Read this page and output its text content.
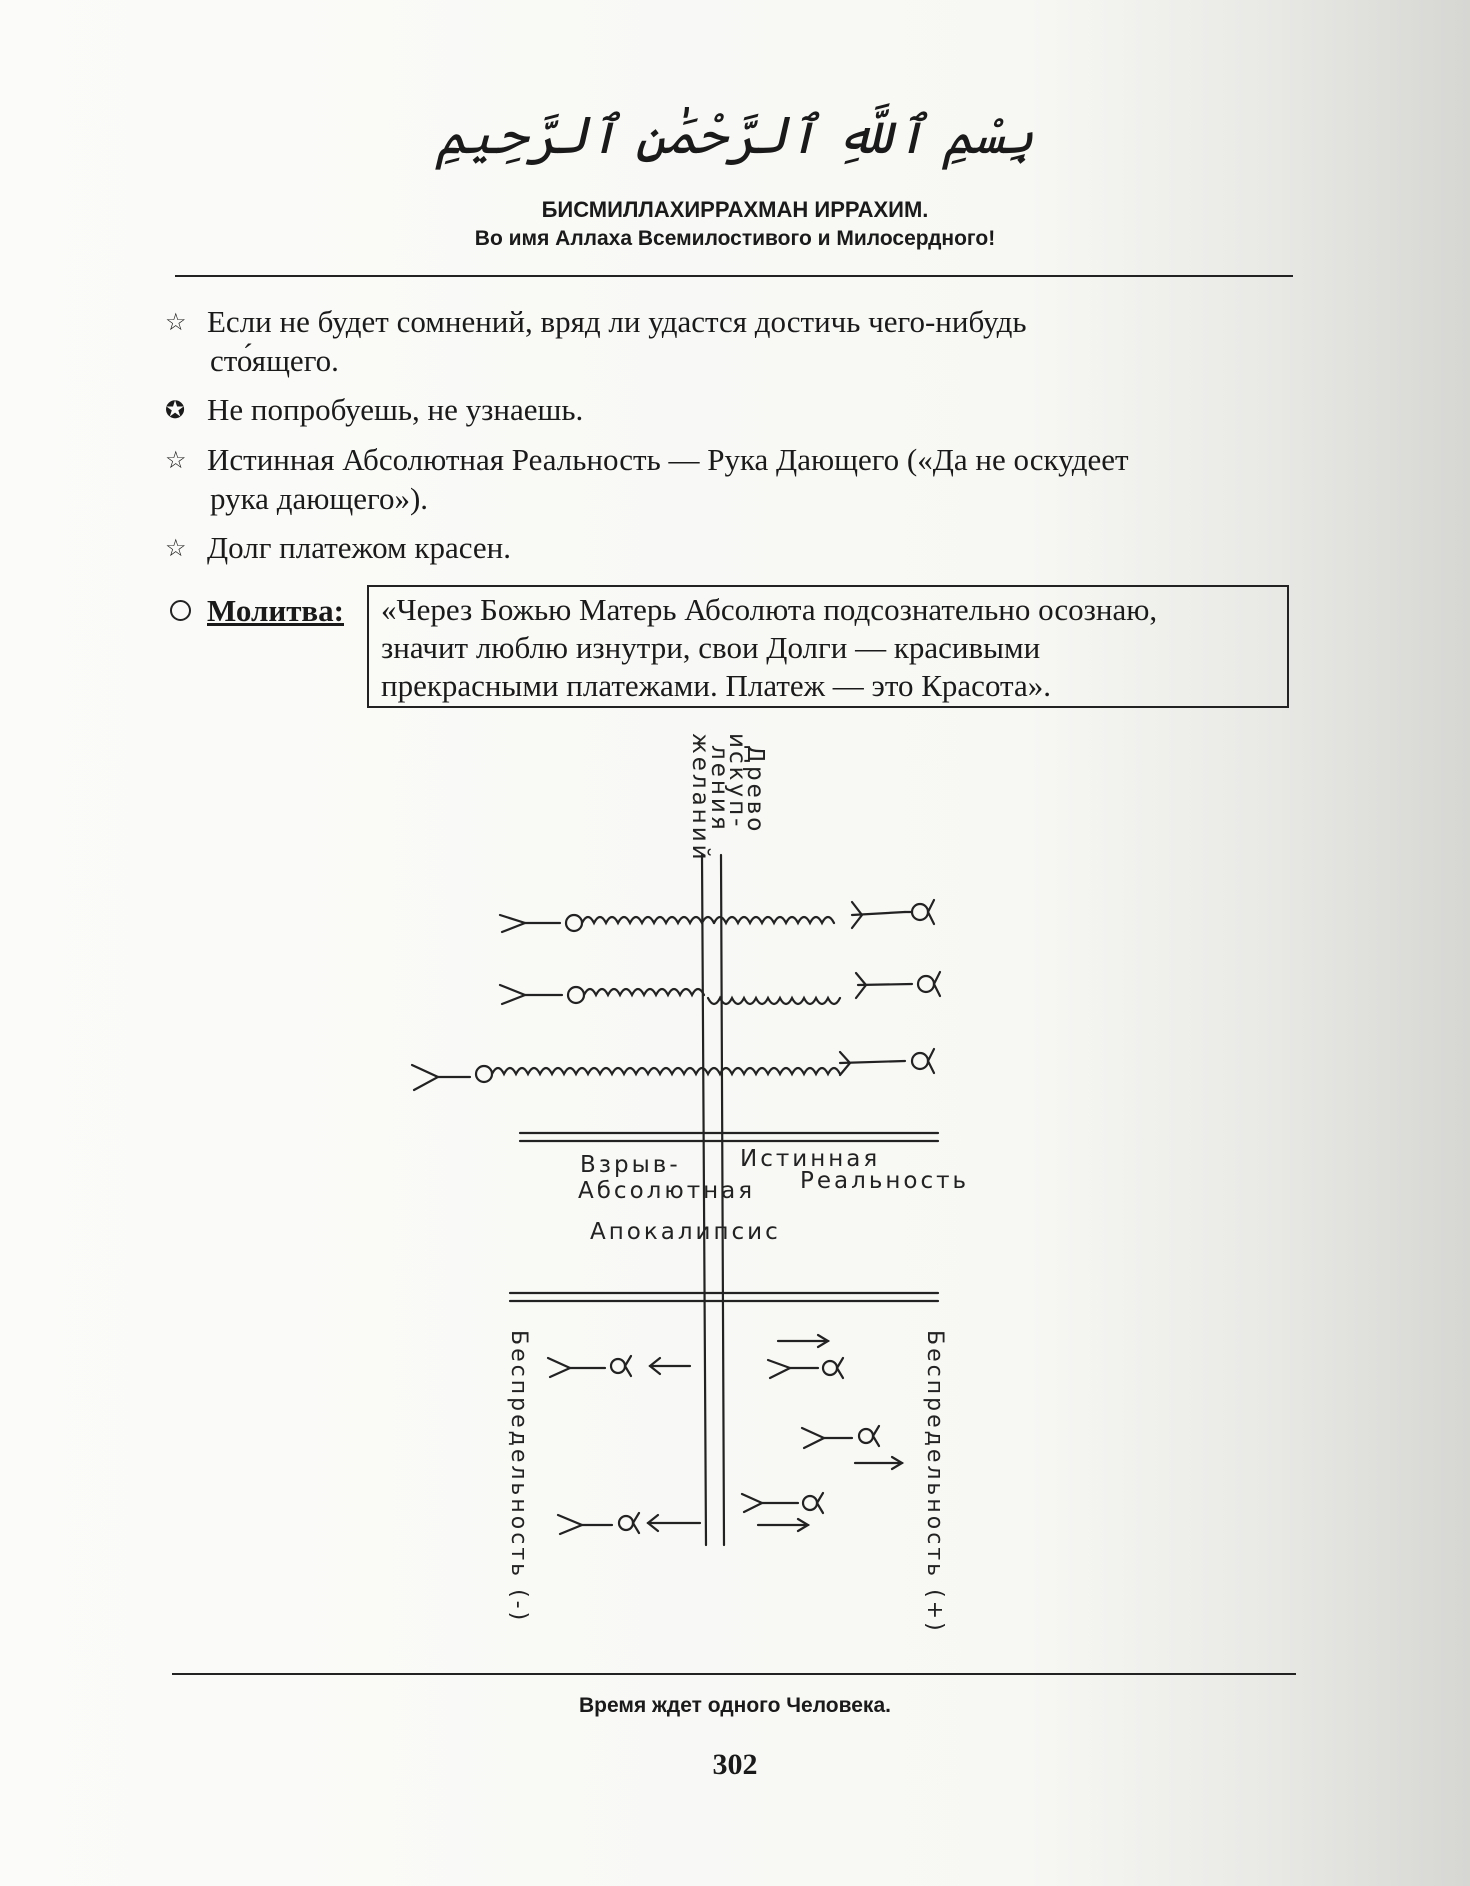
بِسْمِ ٱللَّهِ ٱلرَّحْمَٰنِ ٱلرَّحِيمِ
БИСМИЛЛАХИРРАХМАН ИРРАХИМ.
Во имя Аллаха Всемилостивого и Милосердного!
☆ Если не будет сомнений, вряд ли удастся достичь чего-нибудь
сто́ящего.
✪ Не попробуешь, не узнаешь.
☆ Истинная Абсолютная Реальность — Рука Дающего («Да не оскудеет
рука дающего»).
☆ Долг платежом красен.
Молитва: «Через Божью Матерь Абсолюта подсознательно осознаю,
значит люблю изнутри, свои Долги — красивыми
прекрасными платежами. Платеж — это Красота».
Древо
искуп-
ления
желаний
Взрыв-	Истинная
Абсолютная Реальность
Апокалипсис
Беспредельность (-)	Беспредельность (+)
Время ждет одного Человека.
302
